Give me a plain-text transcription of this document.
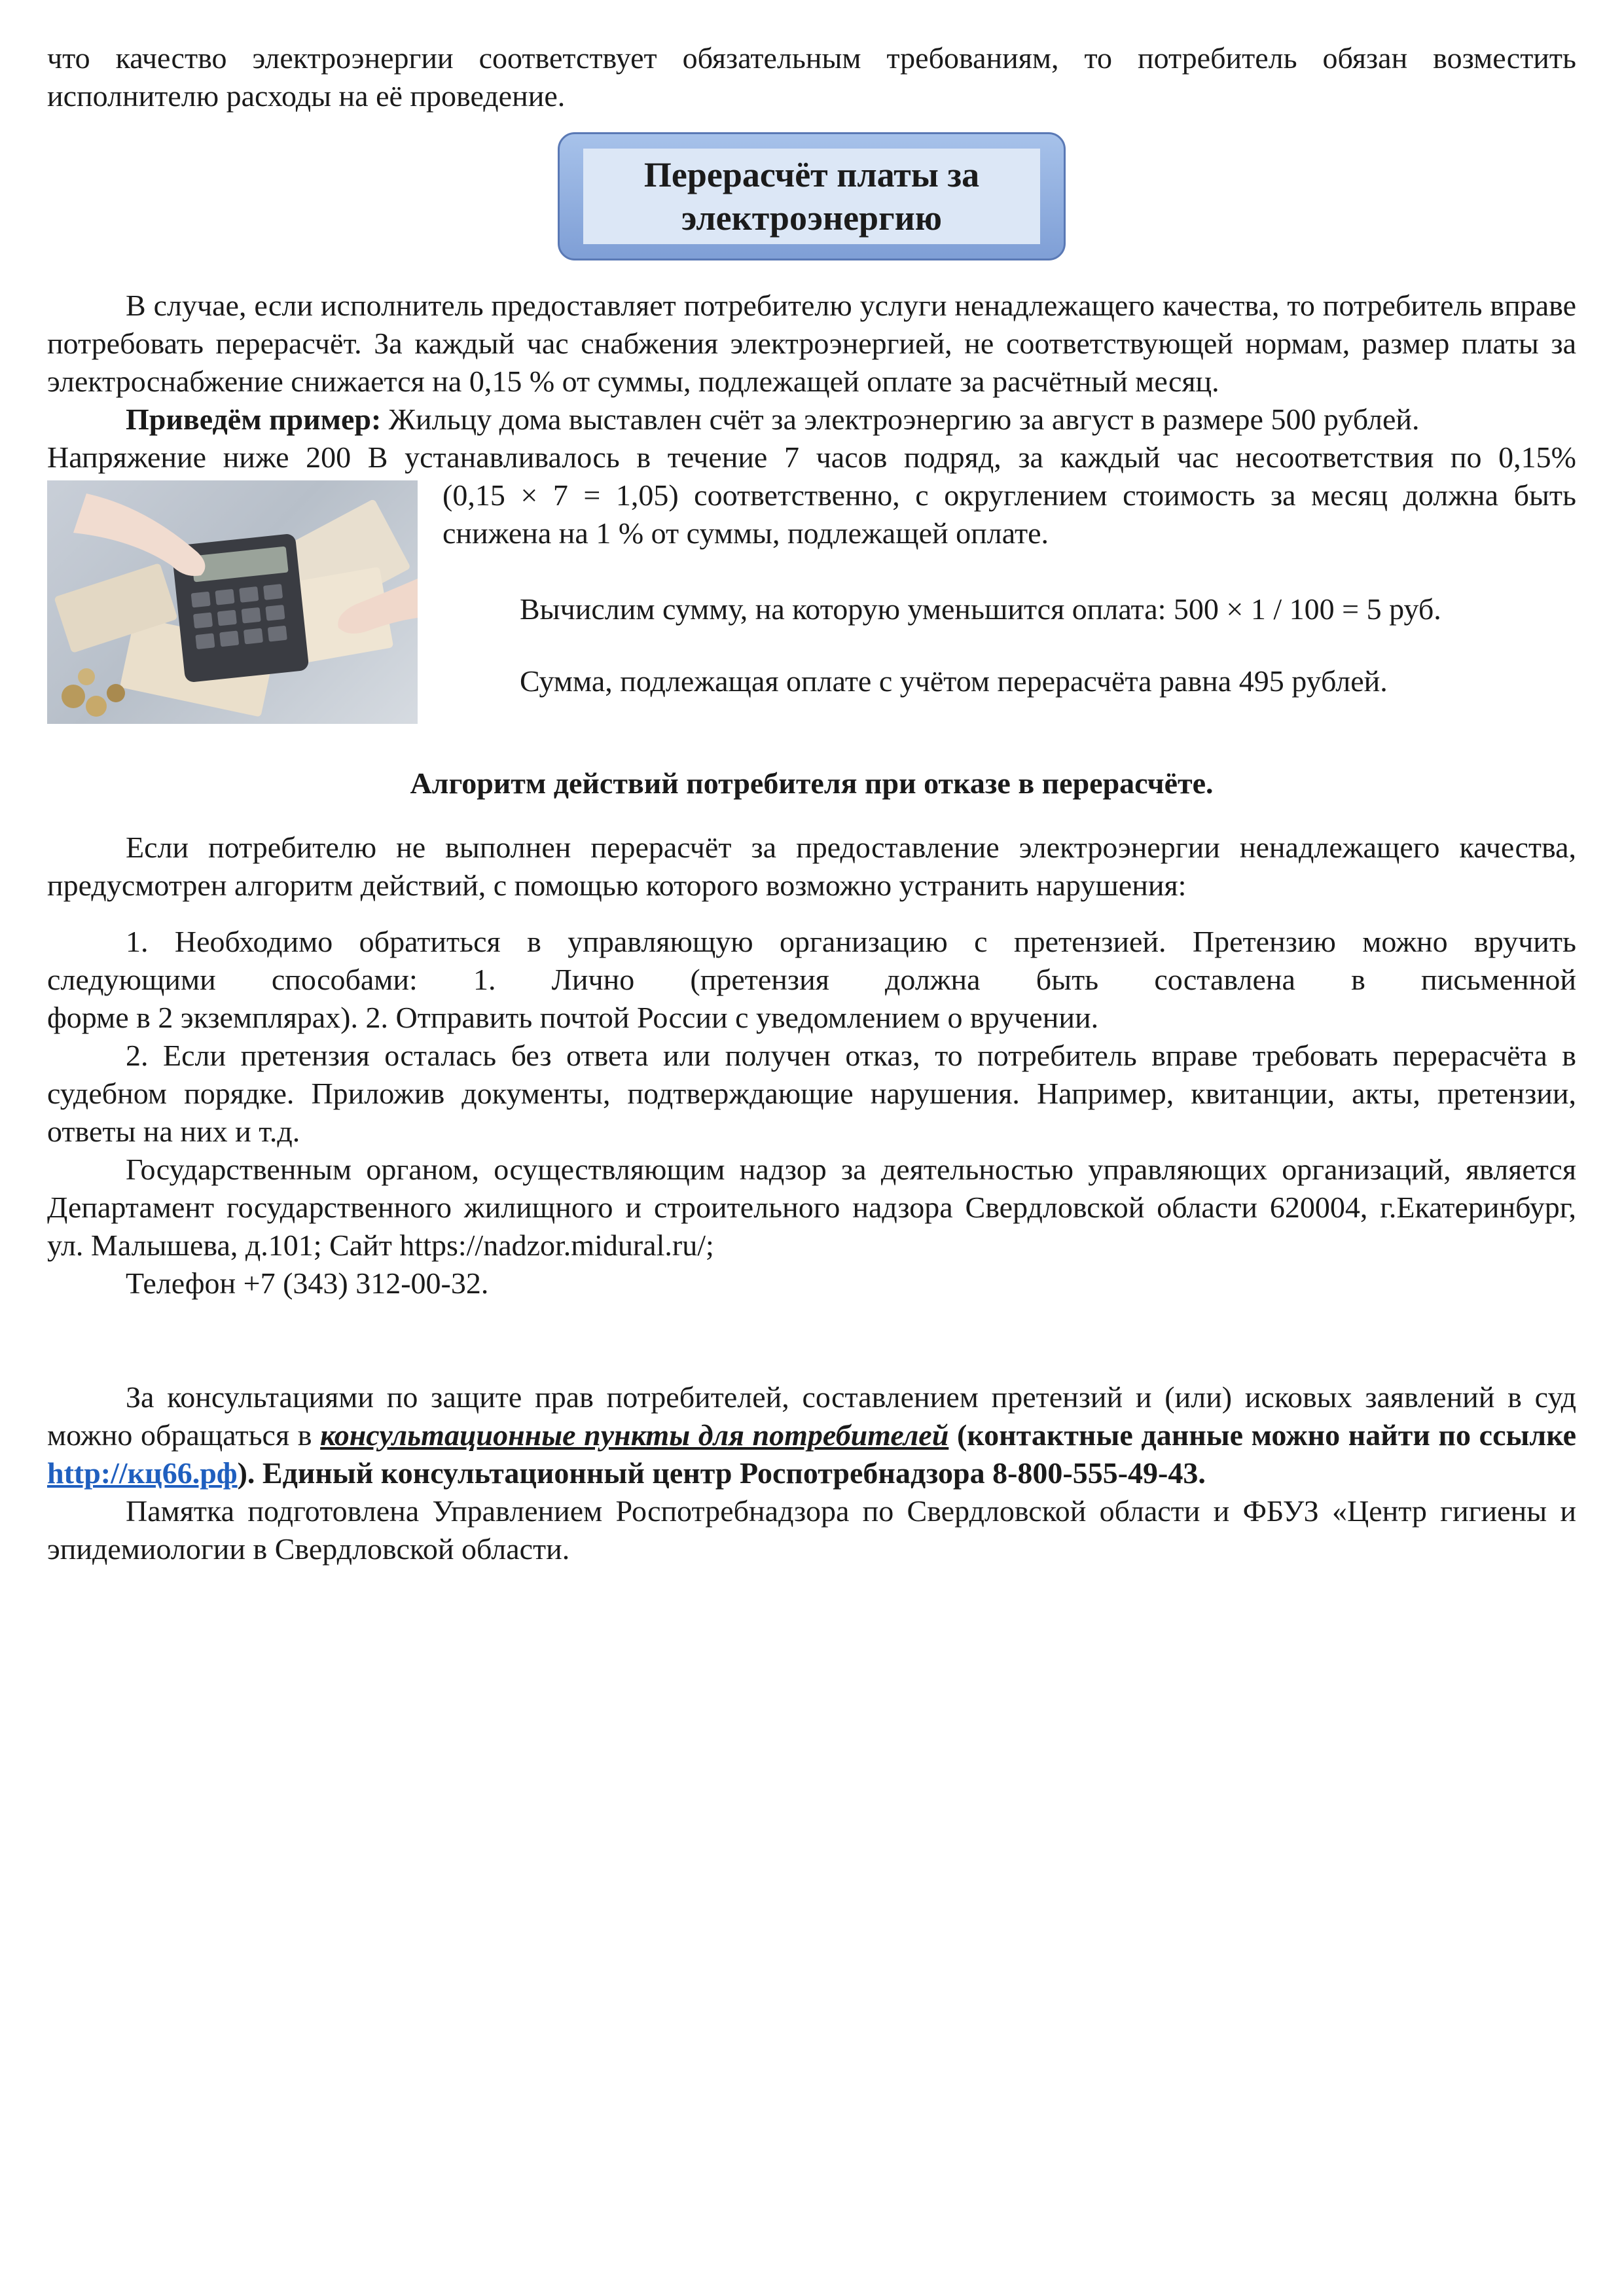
что качество электроэнергии соответствует обязательным требованиям, то потребитель обязан возместить исполнителю расходы на её проведение.

Перерасчёт платы за
электроэнергию

В случае, если исполнитель предоставляет потребителю услуги ненадлежащего качества, то потребитель вправе потребовать перерасчёт. За каждый час снабжения электроэнергией, не соответствующей нормам, размер платы за электроснабжение снижается на 0,15 % от суммы, подлежащей оплате за расчётный месяц.

Приведём пример: Жильцу дома выставлен счёт за электроэнергию за август в размере 500 рублей.

Напряжение ниже 200 В устанавливалось в течение 7 часов подряд, за каждый час несоответствия по 0,15%

(0,15 × 7 = 1,05) соответственно, с округлением стоимость за месяц должна быть снижена на 1 % от суммы, подлежащей оплате.

Вычислим сумму, на которую уменьшится оплата: 500 × 1 / 100 = 5 руб.

Сумма, подлежащая оплате с учётом перерасчёта равна 495 рублей.

Алгоритм действий потребителя при отказе в перерасчёте.

Если потребителю не выполнен перерасчёт за предоставление электроэнергии ненадлежащего качества, предусмотрен алгоритм действий, с помощью которого возможно устранить нарушения:

1. Необходимо обратиться в управляющую организацию с претензией. Претензию можно вручить

следующими способами: 1. Лично (претензия должна быть составлена в письменной

форме в 2 экземплярах). 2. Отправить почтой России с уведомлением о вручении.

2. Если претензия осталась без ответа или получен отказ, то потребитель вправе требовать перерасчёта в судебном порядке. Приложив документы, подтверждающие нарушения. Например, квитанции, акты, претензии, ответы на них и т.д.

Государственным органом, осуществляющим надзор за деятельностью управляющих организаций, является Департамент государственного жилищного и строительного надзора Свердловской области 620004, г.Екатеринбург, ул. Малышева, д.101; Сайт https://nadzor.midural.ru/;

Телефон +7 (343) 312-00-32.

За консультациями по защите прав потребителей, составлением претензий и (или) исковых заявлений в суд можно обращаться в консультационные пункты для потребителей (контактные данные можно найти по ссылке http://кц66.рф). Единый консультационный центр Роспотребнадзора 8-800-555-49-43.

Памятка подготовлена Управлением Роспотребнадзора по Свердловской области и ФБУЗ «Центр гигиены и эпидемиологии в Свердловской области.
